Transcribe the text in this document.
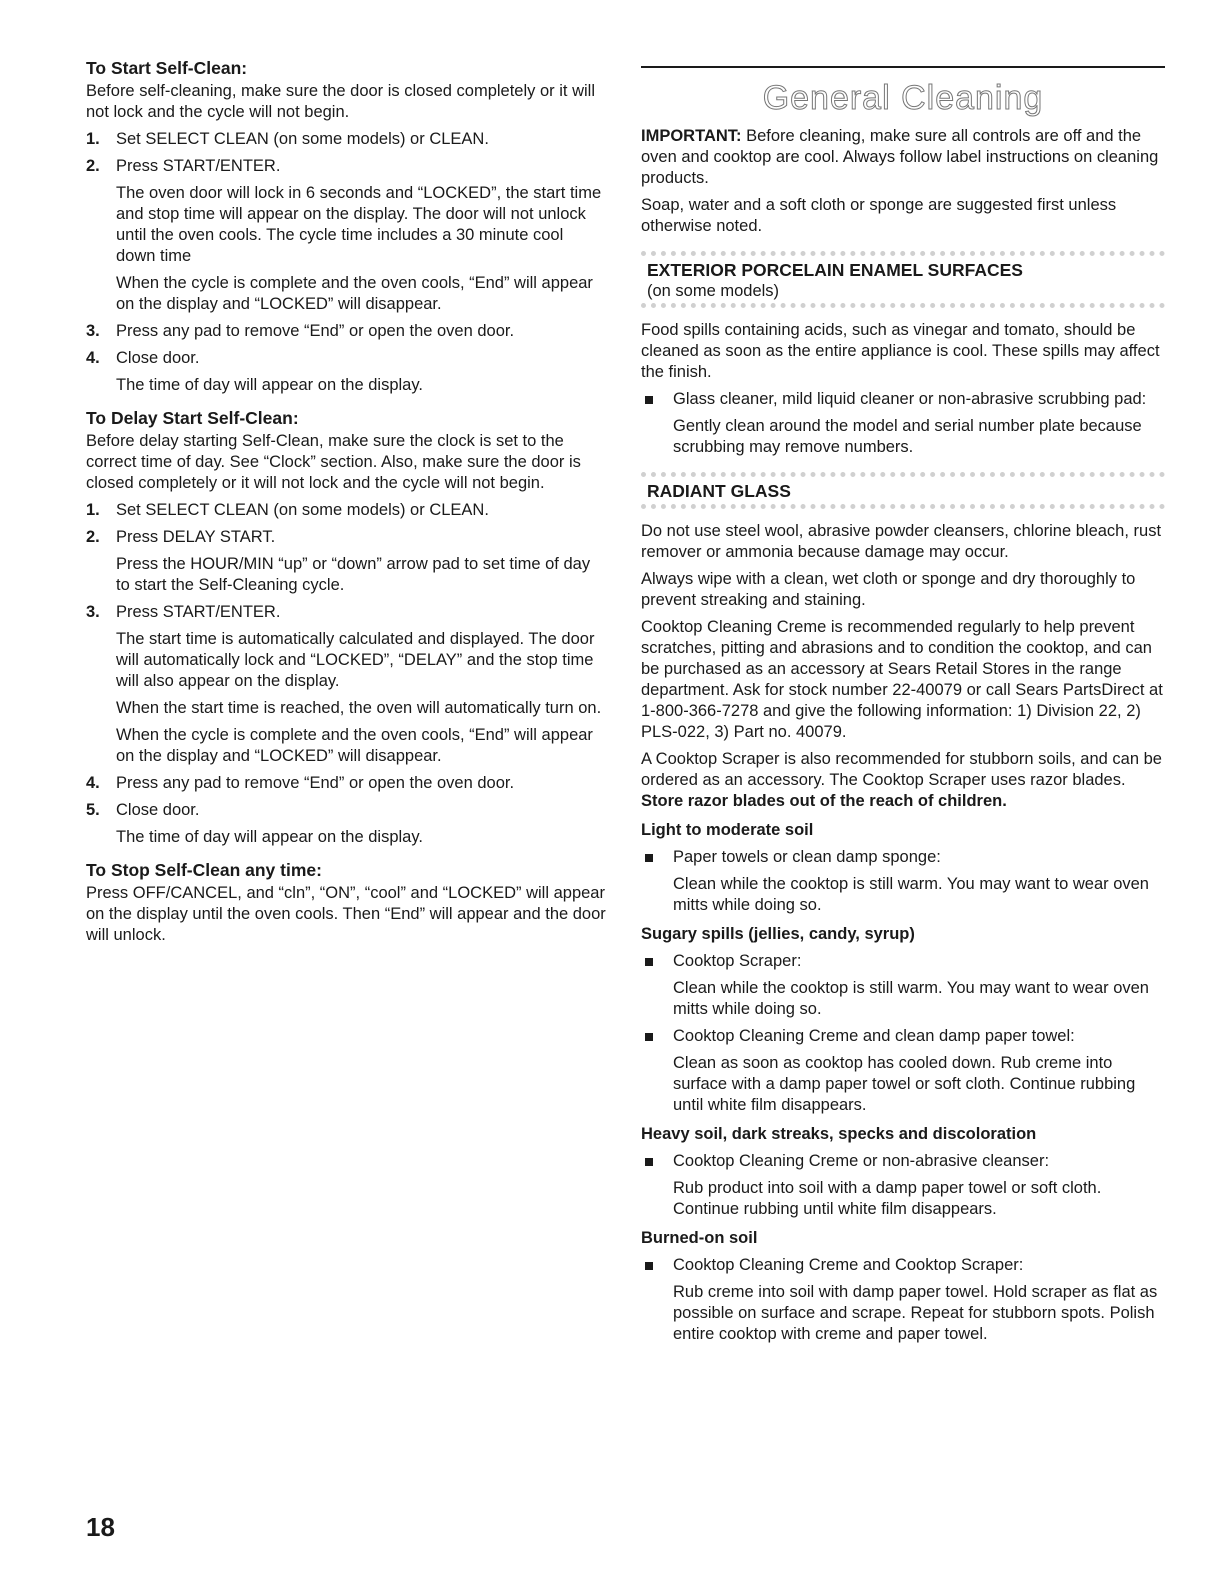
To Start Self-Clean:

Before self-cleaning, make sure the door is closed completely or it will not lock and the cycle will not begin.

1. Set SELECT CLEAN (on some models) or CLEAN.
2. Press START/ENTER.
The oven door will lock in 6 seconds and “LOCKED”, the start time and stop time will appear on the display. The door will not unlock until the oven cools. The cycle time includes a 30 minute cool down time
When the cycle is complete and the oven cools, “End” will appear on the display and “LOCKED” will disappear.
3. Press any pad to remove “End” or open the oven door.
4. Close door.
The time of day will appear on the display.
To Delay Start Self-Clean:

Before delay starting Self-Clean, make sure the clock is set to the correct time of day. See “Clock” section. Also, make sure the door is closed completely or it will not lock and the cycle will not begin.

1. Set SELECT CLEAN (on some models) or CLEAN.
2. Press DELAY START.
Press the HOUR/MIN “up” or “down” arrow pad to set time of day to start the Self-Cleaning cycle.
3. Press START/ENTER.
The start time is automatically calculated and displayed. The door will automatically lock and “LOCKED”, “DELAY” and the stop time will also appear on the display.
When the start time is reached, the oven will automatically turn on.
When the cycle is complete and the oven cools, “End” will appear on the display and “LOCKED” will disappear.
4. Press any pad to remove “End” or open the oven door.
5. Close door.
The time of day will appear on the display.
To Stop Self-Clean any time:

Press OFF/CANCEL, and “cln”, “ON”, “cool” and “LOCKED” will appear on the display until the oven cools. Then “End” will appear and the door will unlock.

General Cleaning

IMPORTANT: Before cleaning, make sure all controls are off and the oven and cooktop are cool. Always follow label instructions on cleaning products.

Soap, water and a soft cloth or sponge are suggested first unless otherwise noted.

EXTERIOR PORCELAIN ENAMEL SURFACES
(on some models)

Food spills containing acids, such as vinegar and tomato, should be cleaned as soon as the entire appliance is cool. These spills may affect the finish.

Glass cleaner, mild liquid cleaner or non-abrasive scrubbing pad:
Gently clean around the model and serial number plate because scrubbing may remove numbers.
RADIANT GLASS

Do not use steel wool, abrasive powder cleansers, chlorine bleach, rust remover or ammonia because damage may occur.

Always wipe with a clean, wet cloth or sponge and dry thoroughly to prevent streaking and staining.

Cooktop Cleaning Creme is recommended regularly to help prevent scratches, pitting and abrasions and to condition the cooktop, and can be purchased as an accessory at Sears Retail Stores in the range department. Ask for stock number 22-40079 or call Sears PartsDirect at 1-800-366-7278 and give the following information: 1) Division 22, 2) PLS-022, 3) Part no. 40079.

A Cooktop Scraper is also recommended for stubborn soils, and can be ordered as an accessory. The Cooktop Scraper uses razor blades. Store razor blades out of the reach of children.

Light to moderate soil
Paper towels or clean damp sponge:
Clean while the cooktop is still warm. You may want to wear oven mitts while doing so.
Sugary spills (jellies, candy, syrup)
Cooktop Scraper:
Clean while the cooktop is still warm. You may want to wear oven mitts while doing so.
Cooktop Cleaning Creme and clean damp paper towel:
Clean as soon as cooktop has cooled down. Rub creme into surface with a damp paper towel or soft cloth. Continue rubbing until white film disappears.
Heavy soil, dark streaks, specks and discoloration
Cooktop Cleaning Creme or non-abrasive cleanser:
Rub product into soil with a damp paper towel or soft cloth. Continue rubbing until white film disappears.
Burned-on soil
Cooktop Cleaning Creme and Cooktop Scraper:
Rub creme into soil with damp paper towel. Hold scraper as flat as possible on surface and scrape. Repeat for stubborn spots. Polish entire cooktop with creme and paper towel.
18
